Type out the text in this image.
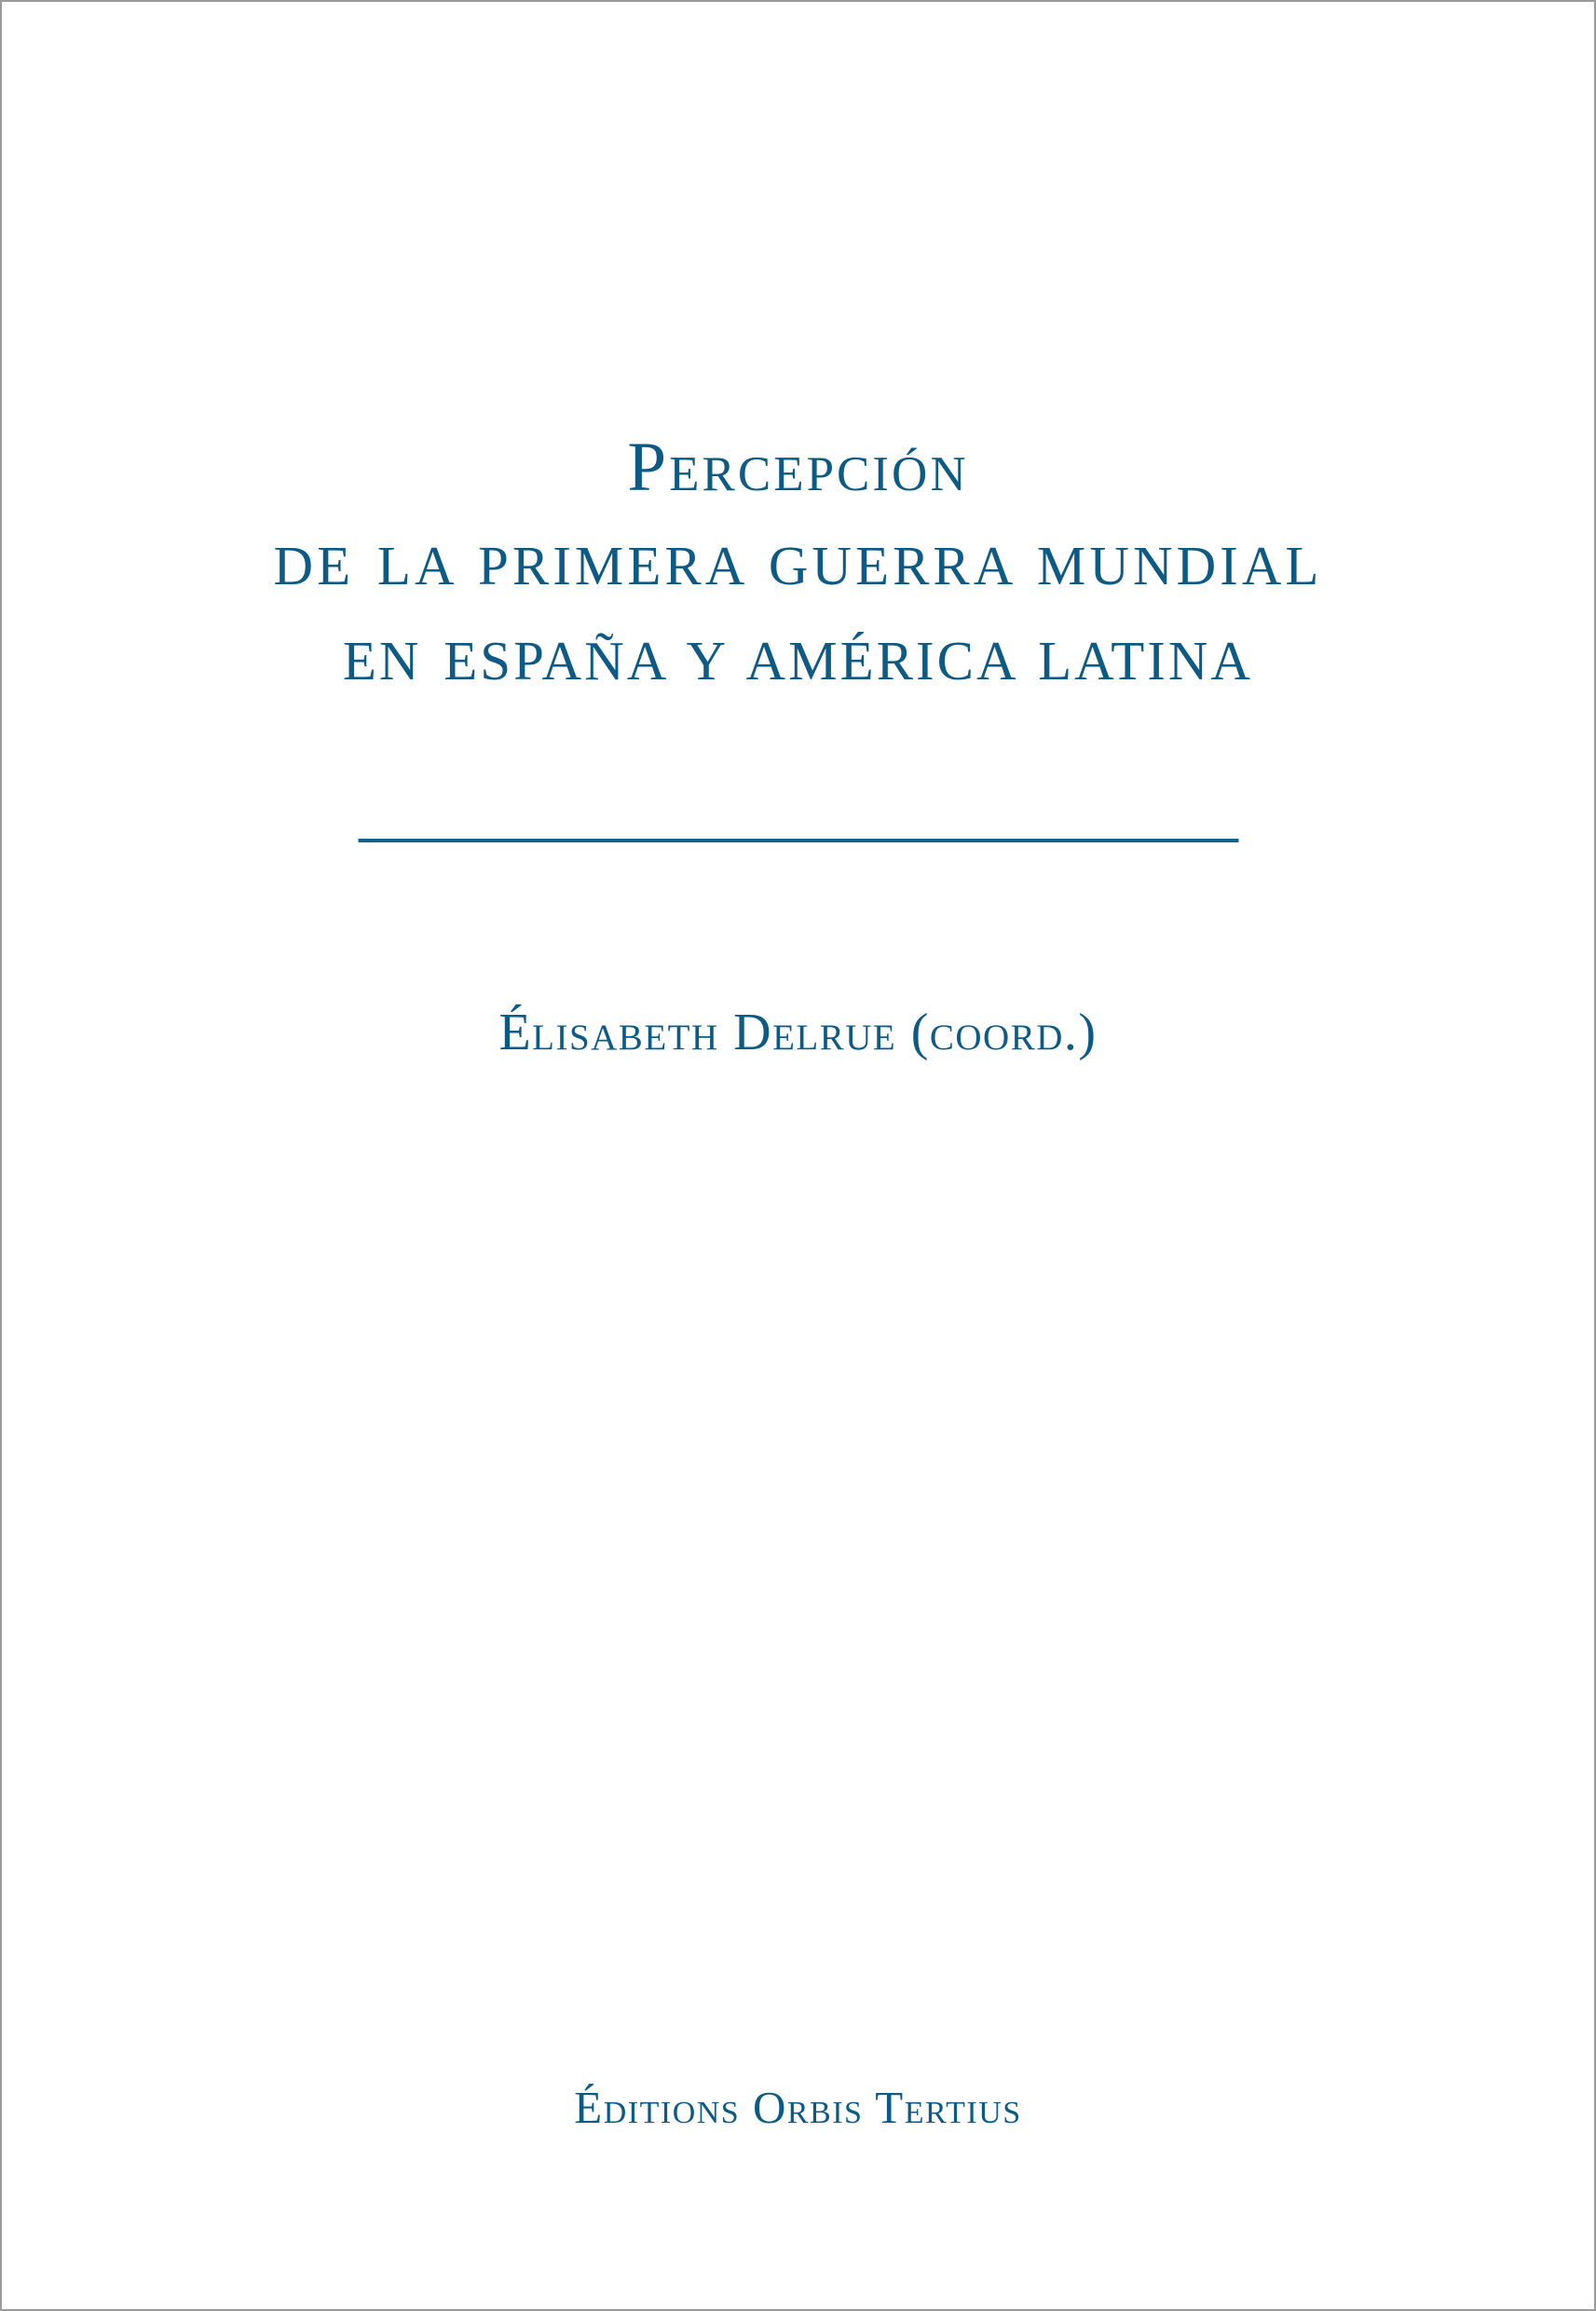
Percepción
DE LA PRIMERA GUERRA MUNDIAL
EN ESPAÑA Y AMÉRICA LATINA
Élisabeth Delrue (coord.)
Éditions Orbis Tertius
